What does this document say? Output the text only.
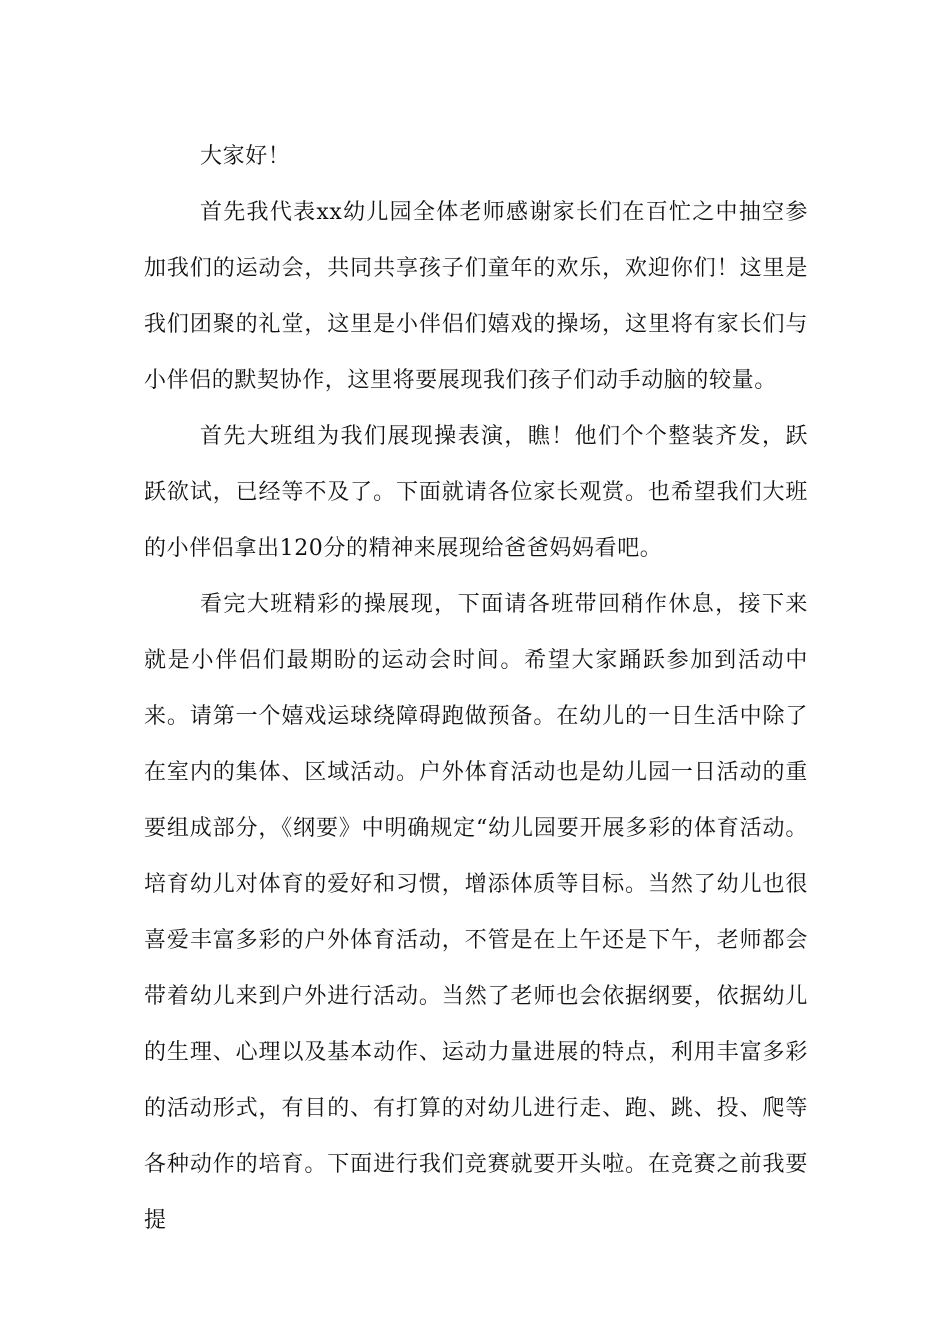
大家好！

首先我代表xx幼儿园全体老师感谢家长们在百忙之中抽空参加我们的运动会，共同共享孩子们童年的欢乐，欢迎你们！这里是我们团聚的礼堂，这里是小伴侣们嬉戏的操场，这里将有家长们与小伴侣的默契协作，这里将要展现我们孩子们动手动脑的较量。

首先大班组为我们展现操表演，瞧！他们个个整装齐发，跃跃欲试，已经等不及了。下面就请各位家长观赏。也希望我们大班的小伴侣拿出120分的精神来展现给爸爸妈妈看吧。

看完大班精彩的操展现，下面请各班带回稍作休息，接下来就是小伴侣们最期盼的运动会时间。希望大家踊跃参加到活动中来。请第一个嬉戏运球绕障碍跑做预备。在幼儿的一日生活中除了在室内的集体、区域活动。户外体育活动也是幼儿园一日活动的重要组成部分，《纲要》中明确规定“幼儿园要开展多彩的体育活动。培育幼儿对体育的爱好和习惯，增添体质等目标。当然了幼儿也很喜爱丰富多彩的户外体育活动，不管是在上午还是下午，老师都会带着幼儿来到户外进行活动。当然了老师也会依据纲要，依据幼儿的生理、心理以及基本动作、运动力量进展的特点，利用丰富多彩的活动形式，有目的、有打算的对幼儿进行走、跑、跳、投、爬等各种动作的培育。下面进行我们竞赛就要开头啦。在竞赛之前我要提
